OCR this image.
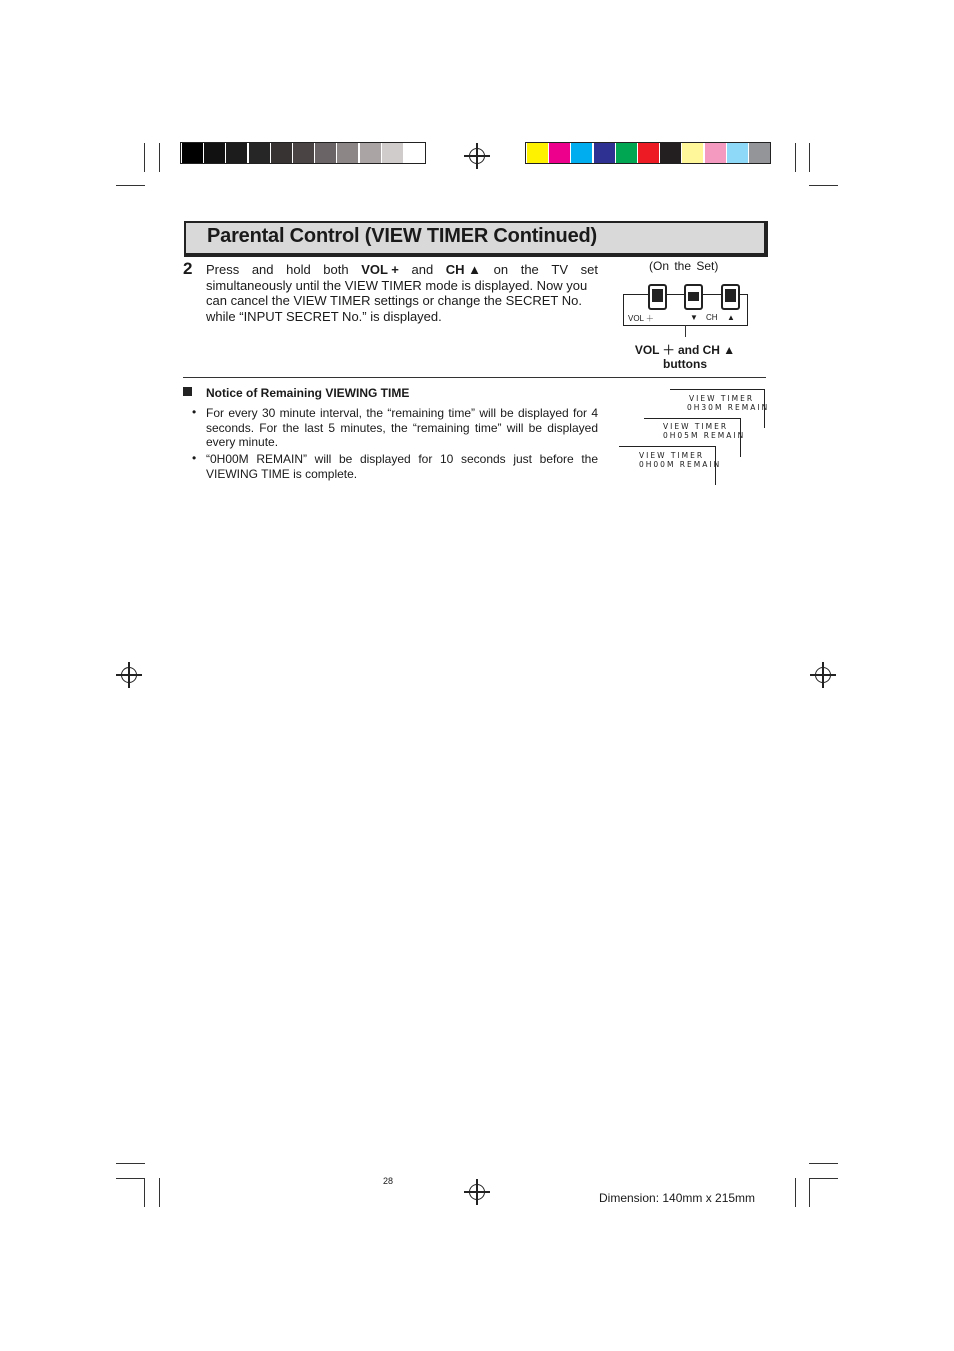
Parental Control (VIEW TIMER Continued)
2 Press and hold both VOL + and CH ▲ on the TV set
simultaneously until the VIEW TIMER mode is displayed. Now you can cancel the VIEW TIMER settings or change the SECRET No. while “INPUT SECRET No.” is displayed.
(On the Set)
VOL ＋	▼ CH ▲
VOL ＋ and CH ▲
buttons
Notice of Remaining VIEWING TIME
• For every 30 minute interval, the “remaining time” will be displayed for 4 seconds. For the last 5 minutes, the “remaining time” will be displayed every minute.
• “0H00M REMAIN” will be displayed for 10 seconds just before the VIEWING TIME is complete.
VIEW TIMER
0H30M REMAIN
VIEW TIMER
0H05M REMAIN
VIEW TIMER
0H00M REMAIN
28
Dimension: 140mm x 215mm
